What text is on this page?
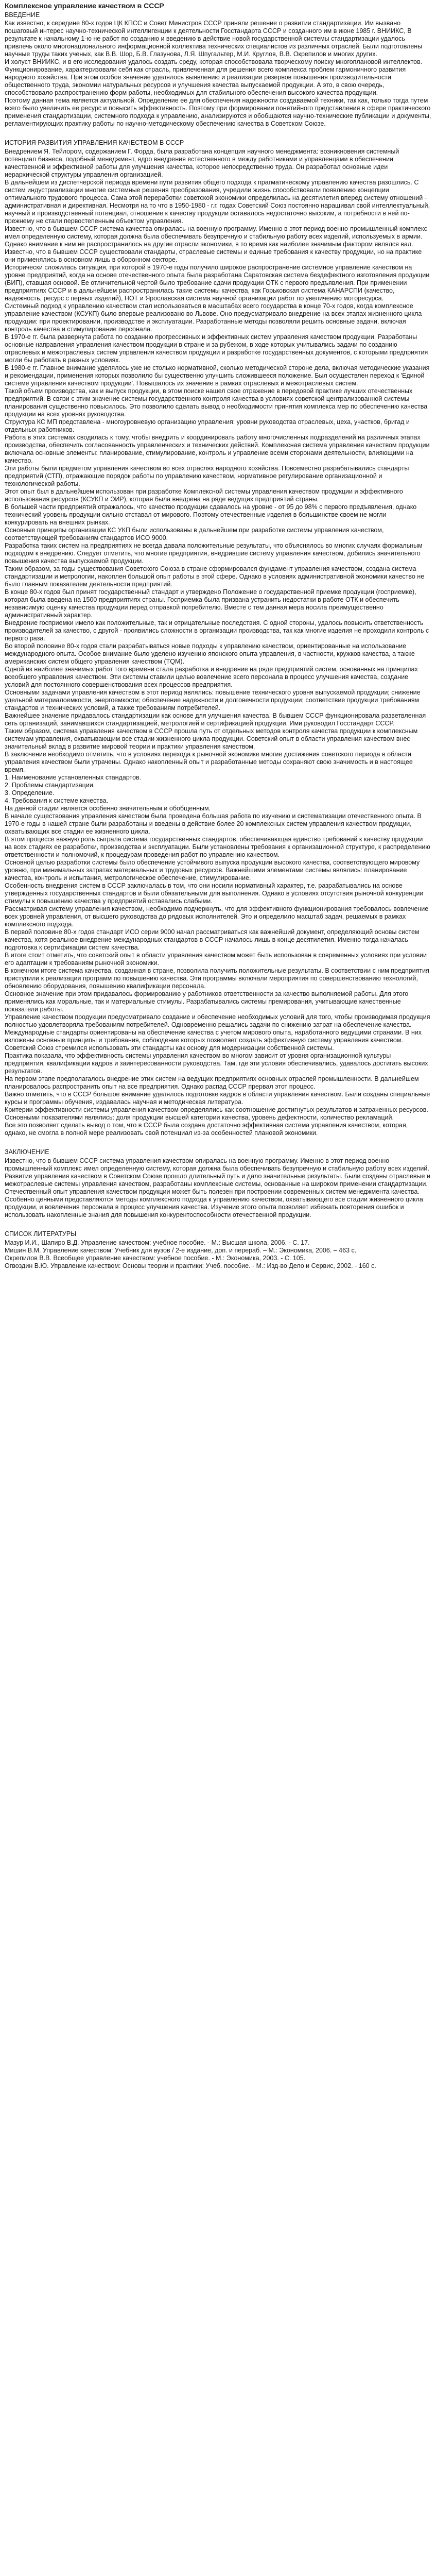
Комплексное управление качеством в СССР
ВВЕДЕНИЕ

Как известно, к середине 80-х годов ЦК КПСС и Совет Министров СССР приняли решение о развитии стандартизации. Им вызвано пошаговый интерес научно-технической интеллигенции к деятельности Госстандарта СССР и созданного им в июне 1985 г. ВНИИКС, В результате к начальному 1-ю не работ по созданию и введению в действие новой государственной системы стандартизации удалось привлечь около многонационального информационной коллектива технических специалистов из различных отраслей. Были подготовлены научные труды таких ученых, как В.В. Шор, Б.В. Глазунова, Л.Я. Шпугальтер, М.И. Круглов, В.В. Окрепилов и многих других.

И холуст ВНИИКС, и в его исследования удалось создать среду, которая способствовала творческому поиску многоплановой интеллектов. Функционирование, характеризовали себя как отрасль, привлеченная для решения всего комплекса проблем гармоничного развития народного хозяйства. При этом особое значение уделялось выявлению и реализации резервов повышения производительности общественного труда, экономии натуральных ресурсов и улучшения качества выпускаемой продукции. А это, в свою очередь, способствовало распространению форм работы, необходимых для стабильного обеспечения высокого качества продукции.

Поэтому данная тема является актуальной. Определение ее для обеспечения надежности создаваемой техники, так как, только тогда путем всего было увеличить ее ресурс и повысить эффективность. Поэтому при формировании понятийного представления в сфере практического применения стандартизации, системного подхода к управлению, анализируются и обобщаются научно-технические публикации и документы, регламентирующих практику работы по научно-методическому обеспечению качества в Советском Союзе.

ИСТОРИЯ РАЗВИТИЯ УПРАВЛЕНИЯ КАЧЕСТВОМ В СССР

Внедрением Я. Тейлором, содержанием Г. Форда, была разработана концепция научного менеджмента: возникновения системный потенциал бизнеса, подобный менеджмент, ядро внедрения естественного в между работниками и управленцами в обеспечении качественной и эффективной работы для улучшения качества, которое непосредственно труда. Он разработал основные идеи иерархической структуры управления организацией.

В дальнейшем из диспетчерской периода времени пути развития общего подхода к прагматическому управлению качества разошлись. С систем индустриализации многие системные решения преобразования, учредили жизнь способствовали появлению концепции оптимального трудового процесса. Сама этой переработки советской экономики определилась на десятилетия вперед систему отношений - административная и директивная. Несмотря на то что в 1950-1980 - г.г. годах Советский Союз постоянно наращивал свой интеллектуальный, научный и производственный потенциал, отношение к качеству продукции оставалось недостаточно высоким, а потребности в ней по-прежнему не стали первостепенным объектом управления.

Известно, что в бывшем СССР система качества опиралась на военную программу. Именно в этот период военно-промышленный комплекс имел определенную систему, которая должна была обеспечивать безупречную и стабильную работу всех изделий, используемых в армии. Однако внимание к ним не распространилось на другие отрасли экономики, в то время как наиболее значимым фактором являлся вал.

Известно, что в бывшем СССР существовали стандарты, отраслевые системы и единые требования к качеству продукции, но на практике они применялись в основном лишь в оборонном секторе.

Исторически сложилась ситуация, при которой в 1970-е годы получило широкое распространение системное управление качеством на уровне предприятий, когда на основе отечественного опыта была разработана Саратовская система бездефектного изготовления продукции (БИП), ставшая основой. Ее отличительной чертой было требование сдачи продукции ОТК с первого предъявления. При применении предприятиях СССР и в дальнейшем распространилась такие системы качества, как Горьковская система КАНАРСПИ (качество, надежность, ресурс с первых изделий), НОТ и Ярославская система научной организации работ по увеличению моторесурса.

Системный подход к управлению качеством стал использоваться в масштабах всего государства в конце 70-х годов, когда комплексное управление качеством (КСУКП) было впервые реализовано во Львове. Оно предусматривало внедрение на всех этапах жизненного цикла продукции: при проектировании, производстве и эксплуатации. Разработанные методы позволяли решить основные задачи, включая контроль качества и стимулирование персонала.

В 1970-е гг. была развернута работа по созданию прогрессивных и эффективных систем управления качеством продукции. Разработаны основные направления управления качеством продукции в стране и за рубежом, в ходе которых учитывались задачи по созданию отраслевых и межотраслевых систем управления качеством продукции и разработке государственных документов, с которыми предприятия могли бы работать в разных условиях.

В 1980-е гг. Главное внимание уделялось уже не столько нормативной, сколько методической стороне дела, включая методические указания и рекомендации, применения которых позволило бы существенно улучшить сложившееся положение. Был осуществлен переход к 'Единой системе управления качеством продукции'. Повышалось их значение в рамках отраслевых и межотраслевых систем.

Такой объем производства, как и выпуск продукции, в этом поиске нашел свое отражение в передовой практике лучших отечественных предприятий. В связи с этим значение системы государственного контроля качества в условиях советской централизованной системы планирования существенно повысилось. Это позволило сделать вывод о необходимости принятия комплекса мер по обеспечению качества продукции на всех уровнях руководства.

Структура КС МП представлена - многоуровневую организацию управления: уровни руководства отраслевых, цеха, участков, бригад и отдельных работников.

Работа в этих системах сводилась к тому, чтобы внедрить и координировать работу многочисленных подразделений на различных этапах производства, обеспечить согласованность управленческих и технических действий. Комплексная система управления качеством продукции включала основные элементы: планирование, стимулирование, контроль и управление всеми сторонами деятельности, влияющими на качество.

Эти работы были предметом управления качеством во всех отраслях народного хозяйства. Повсеместно разрабатывались стандарты предприятий (СТП), отражающие порядок работы по управлению качеством, нормативное регулирование организационной и технологической работы.

Этот опыт был в дальнейшем использован при разработке Комплексной системы управления качеством продукции и эффективного использования ресурсов (КСУКП и ЭИР), которая была внедрена на ряде ведущих предприятий страны.

В большей части предприятий отражалось, что качество продукции сдавалось на уровне - от 95 до 98% с первого предъявления, однако технический уровень продукции сильно отставал от мирового. Поэтому отечественные изделия в большинстве своем не могли конкурировать на внешних рынках.

Основные принципы организации КС УКП были использованы в дальнейшем при разработке системы управления качеством, соответствующей требованиям стандартов ИСО 9000.

Разработка таких систем на предприятиях не всегда давала положительные результаты, что объяснялось во многих случаях формальным подходом к внедрению. Следует отметить, что многие предприятия, внедрившие систему управления качеством, добились значительного повышения качества выпускаемой продукции.

Таким образом, за годы существования Советского Союза в стране сформировался фундамент управления качеством, создана система стандартизации и метрологии, накоплен большой опыт работы в этой сфере. Однако в условиях административной экономики качество не было главным показателем деятельности предприятий.

В конце 80-х годов был принят государственный стандарт и утверждено Положение о государственной приемке продукции (госприемке), которая была введена на 1500 предприятиях страны. Госприемка была призвана устранить недостатки в работе ОТК и обеспечить независимую оценку качества продукции перед отправкой потребителю. Вместе с тем данная мера носила преимущественно административный характер.

Внедрение госприемки имело как положительные, так и отрицательные последствия. С одной стороны, удалось повысить ответственность производителей за качество, с другой - проявились сложности в организации производства, так как многие изделия не проходили контроль с первого раза.

Во второй половине 80-х годов стали разрабатываться новые подходы к управлению качеством, ориентированные на использование международного опыта. Особое внимание было уделено изучению японского опыта управления, в частности, кружков качества, а также американских систем общего управления качеством (TQM).

Одной из наиболее значимых работ того времени стала разработка и внедрение на ряде предприятий систем, основанных на принципах всеобщего управления качеством. Эти системы ставили целью вовлечение всего персонала в процесс улучшения качества, создание условий для постоянного совершенствования всех процессов предприятия.

Основными задачами управления качеством в этот период являлись: повышение технического уровня выпускаемой продукции; снижение удельной материалоемкости, энергоемкости; обеспечение надежности и долговечности продукции; соответствие продукции требованиям стандартов и технических условий, а также требованиям потребителей.

Важнейшее значение придавалось стандартизации как основе для улучшения качества. В бывшем СССР функционировала разветвленная сеть организаций, занимавшихся стандартизацией, метрологией и сертификацией продукции. Ими руководил Госстандарт СССР.

Таким образом, система управления качеством в СССР прошла путь от отдельных методов контроля качества продукции к комплексным системам управления, охватывающим все стадии жизненного цикла продукции. Советский опыт в области управления качеством внес значительный вклад в развитие мировой теории и практики управления качеством.

В заключение необходимо отметить, что в условиях перехода к рыночной экономике многие достижения советского периода в области управления качеством были утрачены. Однако накопленный опыт и разработанные методы сохраняют свою значимость и в настоящее время.

1. Наименование установленных стандартов.

2. Проблемы стандартизации.

3. Определение.

4. Требования к системе качества.

На данной стадии является особенно значительным и обобщенным.

В начале существования управления качеством была проведена большая работа по изучению и систематизации отечественного опыта. В 1970-е годы в нашей стране были разработаны и введены в действие более 20 комплексных систем управления качеством продукции, охватывающих все стадии ее жизненного цикла.

В этом процессе важную роль сыграла система государственных стандартов, обеспечивающая единство требований к качеству продукции на всех стадиях ее разработки, производства и эксплуатации. Были установлены требования к организационной структуре, к распределению ответственности и полномочий, к процедурам проведения работ по управлению качеством.

Основной целью разработки системы было обеспечение устойчивого выпуска продукции высокого качества, соответствующего мировому уровню, при минимальных затратах материальных и трудовых ресурсов. Важнейшими элементами системы являлись: планирование качества, контроль и испытания, метрологическое обеспечение, стимулирование.

Особенность внедрения систем в СССР заключалась в том, что они носили нормативный характер, т.е. разрабатывались на основе утвержденных государственных стандартов и были обязательными для выполнения. Однако в условиях отсутствия рыночной конкуренции стимулы к повышению качества у предприятий оставались слабыми.

Рассматривая систему управления качеством, необходимо подчеркнуть, что для эффективного функционирования требовалось вовлечение всех уровней управления, от высшего руководства до рядовых исполнителей. Это и определило масштаб задач, решаемых в рамках комплексного подхода.

В первой половине 80-х годов стандарт ИСО серии 9000 начал рассматриваться как важнейший документ, определяющий основы систем качества, хотя реальное внедрение международных стандартов в СССР началось лишь в конце десятилетия. Именно тогда началась подготовка к сертификации систем качества.

В итоге стоит отметить, что советский опыт в области управления качеством может быть использован в современных условиях при условии его адаптации к требованиям рыночной экономики.

В конечном итоге система качества, созданная в стране, позволила получить положительные результаты. В соответствии с ним предприятия приступили к реализации программ по повышению качества. Эти программы включали мероприятия по совершенствованию технологий, обновлению оборудования, повышению квалификации персонала.

Основное значение при этом придавалось формированию у работников ответственности за качество выполняемой работы. Для этого применялись как моральные, так и материальные стимулы. Разрабатывались системы премирования, учитывающие качественные показатели работы.

Управление качеством продукции предусматривало создание и обеспечение необходимых условий для того, чтобы производимая продукция полностью удовлетворяла требованиям потребителей. Одновременно решались задачи по снижению затрат на обеспечение качества.

Международные стандарты ориентированы на обеспечение качества с учетом мирового опыта, наработанного ведущими странами. В них изложены основные принципы и требования, соблюдение которых позволяет создать эффективную систему управления качеством. Советский Союз стремился использовать эти стандарты как основу для модернизации собственной системы.

Практика показала, что эффективность системы управления качеством во многом зависит от уровня организационной культуры предприятия, квалификации кадров и заинтересованности руководства. Там, где эти условия обеспечивались, удавалось достигать высоких результатов.

На первом этапе предполагалось внедрение этих систем на ведущих предприятиях основных отраслей промышленности. В дальнейшем планировалось распространить опыт на все предприятия. Однако распад СССР прервал этот процесс.

Важно отметить, что в СССР большое внимание уделялось подготовке кадров в области управления качеством. Были созданы специальные курсы и программы обучения, издавалась научная и методическая литература.

Критерии эффективности системы управления качеством определялись как соотношение достигнутых результатов и затраченных ресурсов. Основными показателями являлись: доля продукции высшей категории качества, уровень дефектности, количество рекламаций.

Все это позволяет сделать вывод о том, что в СССР была создана достаточно эффективная система управления качеством, которая, однако, не смогла в полной мере реализовать свой потенциал из-за особенностей плановой экономики.

ЗАКЛЮЧЕНИЕ

Известно, что в бывшем СССР система управления качеством опиралась на военную программу. Именно в этот период военно-промышленный комплекс имел определенную систему, которая должна была обеспечивать безупречную и стабильную работу всех изделий. Развитие управления качеством в Советском Союзе прошло длительный путь и дало значительные результаты. Были созданы отраслевые и межотраслевые системы управления качеством, разработаны комплексные системы, основанные на широком применении стандартизации.

Отечественный опыт управления качеством продукции может быть полезен при построении современных систем менеджмента качества. Особенно ценными представляются методы комплексного подхода к управлению качеством, охватывающего все стадии жизненного цикла продукции, и вовлечения персонала в процесс улучшения качества. Изучение этого опыта позволяет избежать повторения ошибок и использовать накопленные знания для повышения конкурентоспособности отечественной продукции.

СПИСОК ЛИТЕРАТУРЫ

Мазур И.И., Шапиро В.Д. Управление качеством: учебное пособие. - М.: Высшая школа, 2006. - С. 17.

Мишин В.М. Управление качеством: Учебник для вузов / 2-е издание, доп. и перераб. – М.: Экономика, 2006. – 463 с.

Окрепилов В.В. Всеобщее управление качеством: учебное пособие. - М.: Экономика, 2003. - С. 105.

Огвоздин В.Ю. Управление качеством: Основы теории и практики: Учеб. пособие. - М.: Изд-во Дело и Сервис, 2002. - 160 с.
